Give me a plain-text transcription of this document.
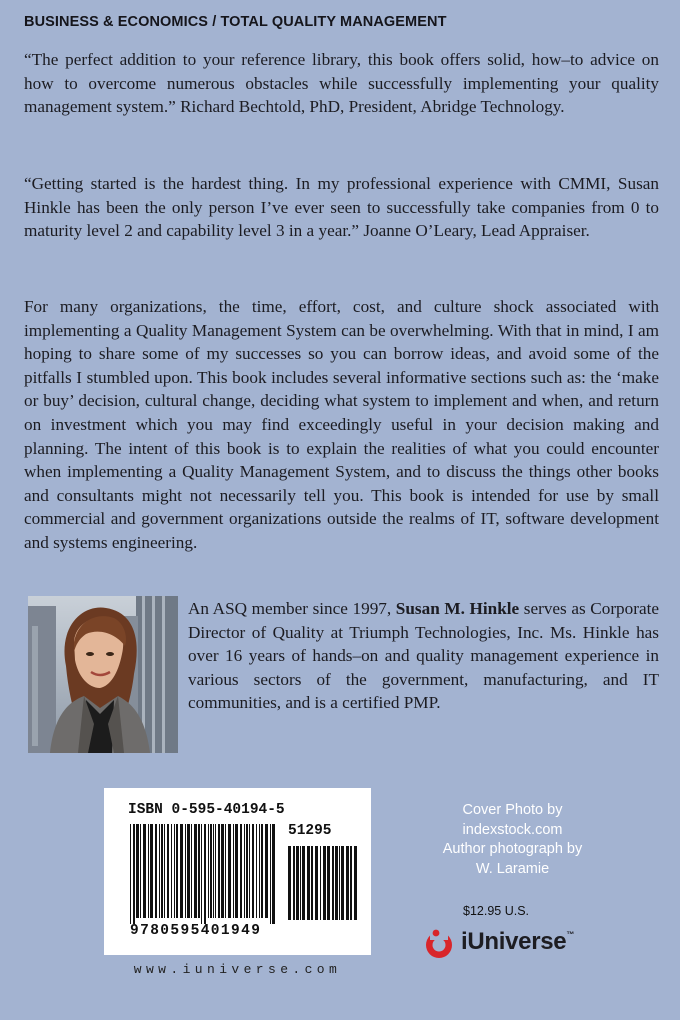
BUSINESS & ECONOMICS / TOTAL QUALITY MANAGEMENT

“The perfect addition to your reference library, this book offers solid, how–to advice on how to overcome numerous obstacles while successfully implementing your quality management system.” Richard Bechtold, PhD, President, Abridge Technology.

“Getting started is the hardest thing. In my professional experience with CMMI, Susan Hinkle has been the only person I’ve ever seen to successfully take companies from 0 to maturity level 2 and capability level 3 in a year.” Joanne O’Leary, Lead Appraiser.

For many organizations, the time, effort, cost, and culture shock associated with implementing a Quality Management System can be overwhelming. With that in mind, I am hoping to share some of my successes so you can borrow ideas, and avoid some of the pitfalls I stumbled upon. This book includes several informative sections such as: the ‘make or buy’ decision, cultural change, deciding what system to implement and when, and return on investment which you may find exceedingly useful in your decision making and planning. The intent of this book is to explain the realities of what you could encounter when implementing a Quality Management System, and to discuss the things other books and consultants might not necessarily tell you. This book is intended for use by small commercial and government organizations outside the realms of IT, software development and systems engineering.

An ASQ member since 1997, Susan M. Hinkle serves as Corporate Director of Quality at Triumph Technologies, Inc. Ms. Hinkle has over 16 years of hands–on and quality management experience in various sectors of the government, manufacturing, and IT communities, and is a certified PMP.

ISBN 0-595-40194-5
51295
9780595401949
www.iuniverse.com
Cover Photo by
indexstock.com
Author photograph by
W. Laramie
$12.95 U.S.
iUniverse™
